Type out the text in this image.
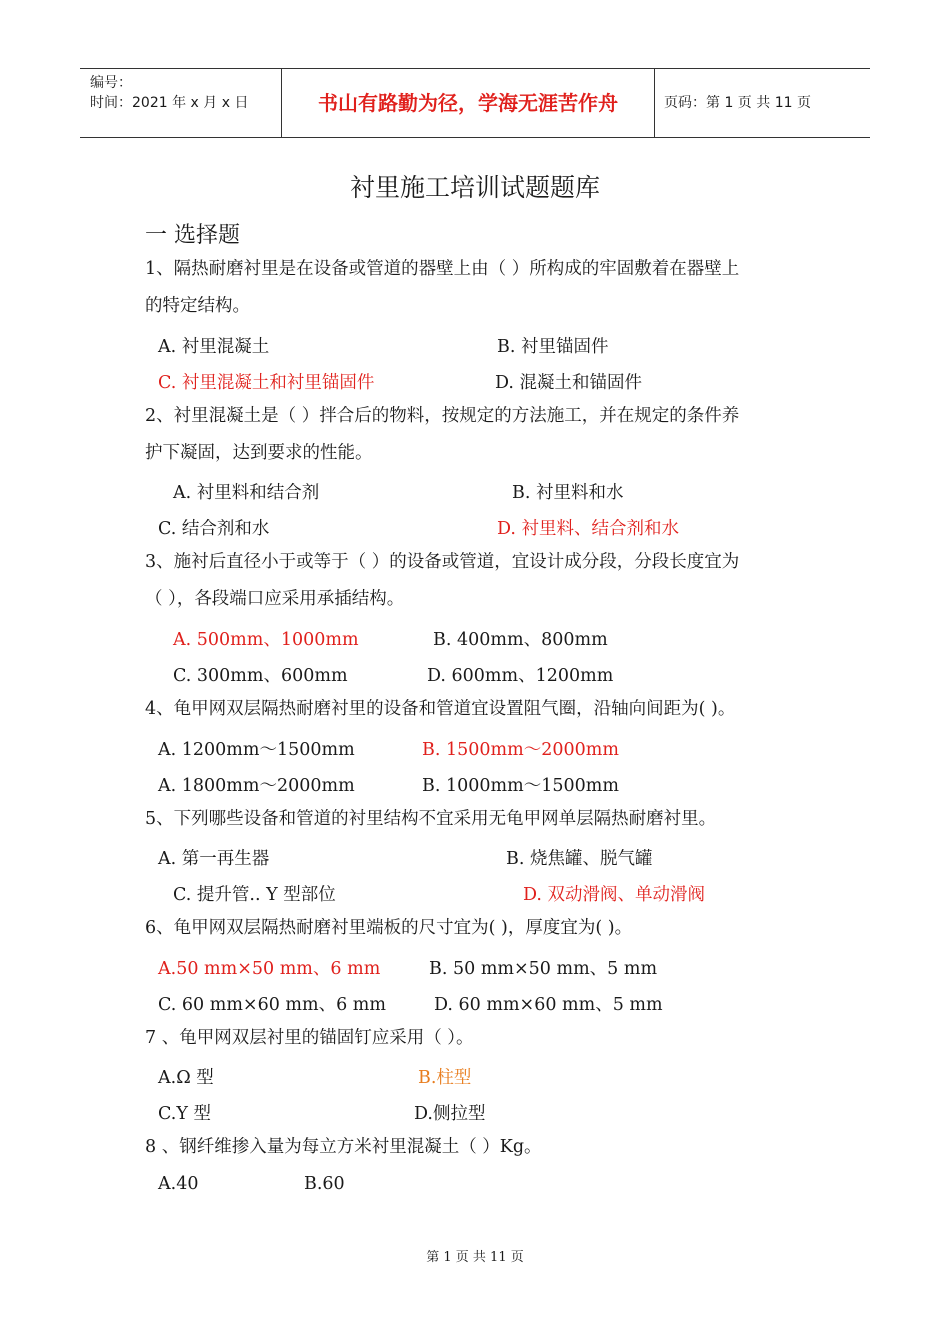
编号：
时间：2021 年 x 月 x 日	书山有路勤为径，学海无涯苦作舟	页码：第 1 页 共 11 页
衬里施工培训试题题库
一 选择题
1、隔热耐磨衬里是在设备或管道的器壁上由（ ）所构成的牢固敷着在器壁上
的特定结构。
A. 衬里混凝土	B. 衬里锚固件
C. 衬里混凝土和衬里锚固件	D. 混凝土和锚固件
2、衬里混凝土是（ ）拌合后的物料，按规定的方法施工，并在规定的条件养
护下凝固，达到要求的性能。
A. 衬里料和结合剂	B. 衬里料和水
C. 结合剂和水	D. 衬里料、结合剂和水
3、施衬后直径小于或等于（ ）的设备或管道，宜设计成分段，分段长度宜为
（ ），各段端口应采用承插结构。
A. 500mm、1000mm	B. 400mm、800mm
C. 300mm、600mm	D. 600mm、1200mm
4、龟甲网双层隔热耐磨衬里的设备和管道宜设置阻气圈，沿轴向间距为( )。
A. 1200mm～1500mm	B. 1500mm～2000mm
A. 1800mm～2000mm	B. 1000mm～1500mm
5、下列哪些设备和管道的衬里结构不宜采用无龟甲网单层隔热耐磨衬里。
A. 第一再生器	B. 烧焦罐、脱气罐
C. 提升管.. Y 型部位	D. 双动滑阀、单动滑阀
6、龟甲网双层隔热耐磨衬里端板的尺寸宜为( )，厚度宜为( )。
A.50 mm×50 mm、6 mm	B. 50 mm×50 mm、5 mm
C. 60 mm×60 mm、6 mm	D. 60 mm×60 mm、5 mm
7 、龟甲网双层衬里的锚固钉应采用（ ）。
A.Ω 型	B.柱型
C.Y 型	D.侧拉型
8 、钢纤维掺入量为每立方米衬里混凝土（ ）Kg。
A.40	B.60
第 1 页 共 11 页
